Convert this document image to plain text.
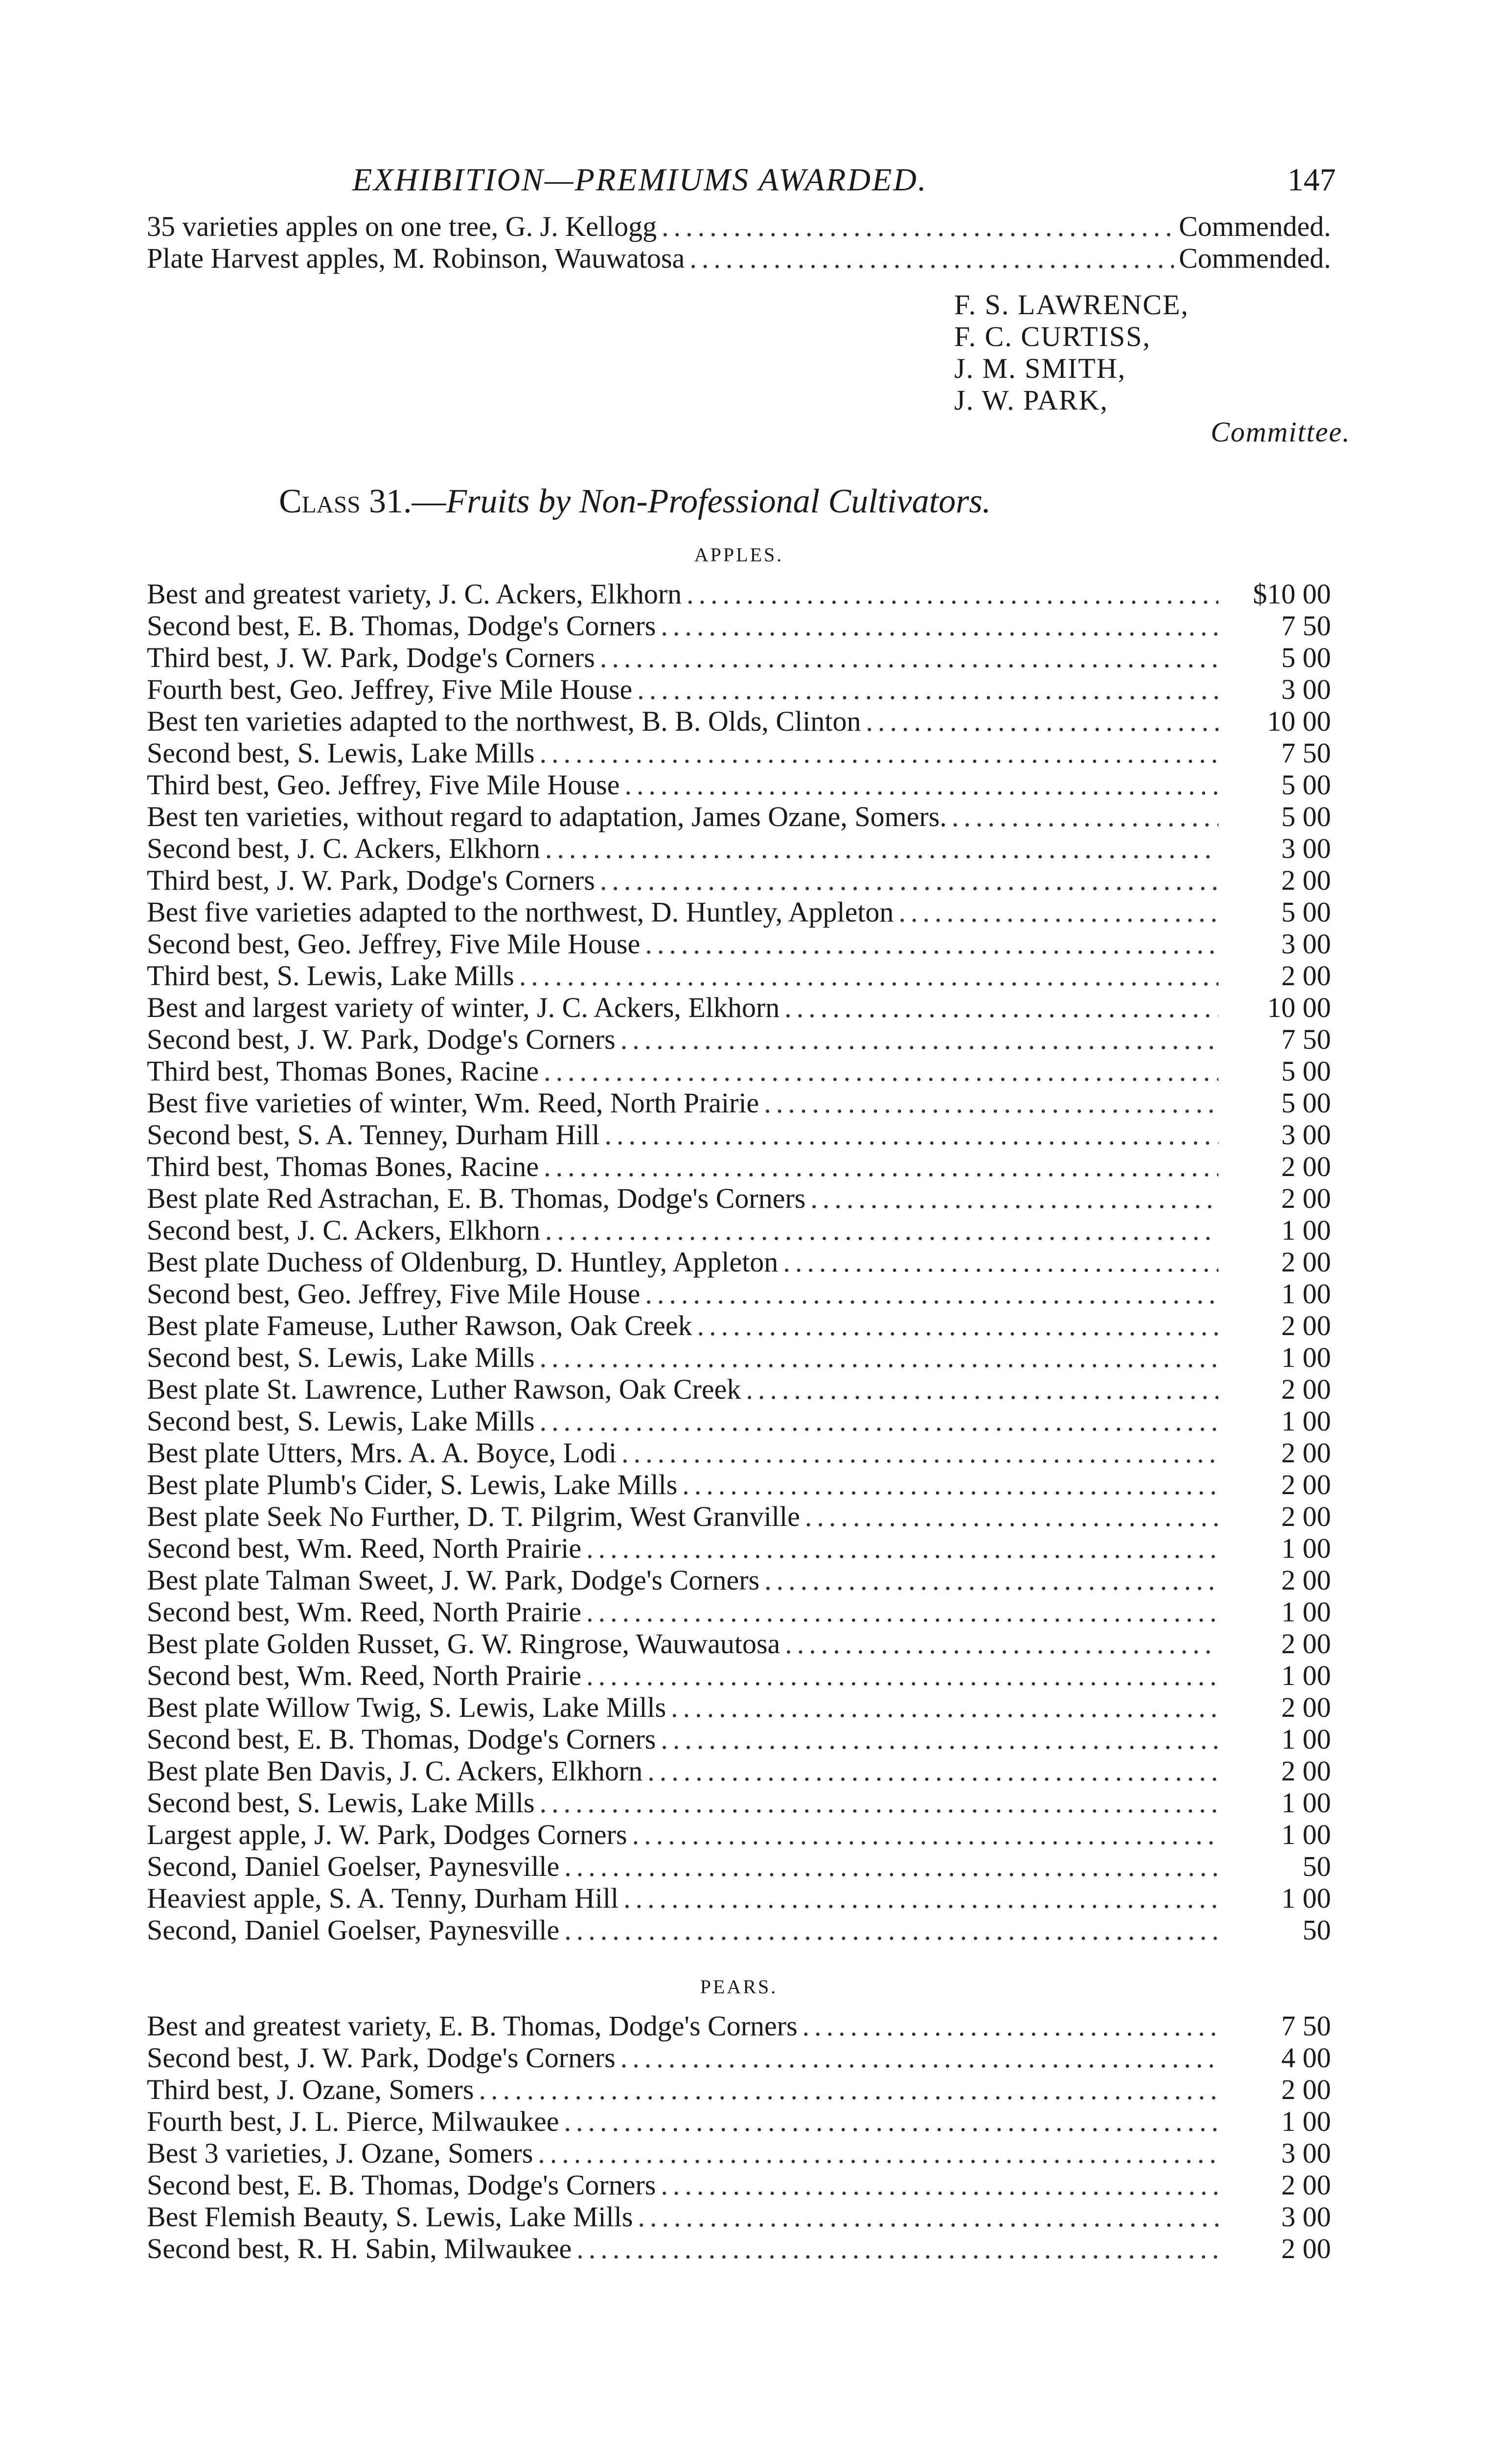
EXHIBITION—PREMIUMS AWARDED.	147
35 varieties apples on one tree, G. J. Kellogg .....	Commended.
Plate Harvest apples, M. Robinson, Wauwatosa .....	Commended.
F. S. LAWRENCE,
F. C. CURTISS,
J. M. SMITH,
J. W. PARK,
Committee.
Class 31.—Fruits by Non-Professional Cultivators.
APPLES.
Best and greatest variety, J. C. Ackers, Elkhorn .....	$10 00
Second best, E. B. Thomas, Dodge's Corners .....	7 50
Third best, J. W. Park, Dodge's Corners .....	5 00
Fourth best, Geo. Jeffrey, Five Mile House .....	3 00
Best ten varieties adapted to the northwest, B. B. Olds, Clinton .....	10 00
Second best, S. Lewis, Lake Mills .....	7 50
Third best, Geo. Jeffrey, Five Mile House .....	5 00
Best ten varieties, without regard to adaptation, James Ozane, Somers. .....	5 00
Second best, J. C. Ackers, Elkhorn .....	3 00
Third best, J. W. Park, Dodge's Corners .....	2 00
Best five varieties adapted to the northwest, D. Huntley, Appleton .....	5 00
Second best, Geo. Jeffrey, Five Mile House .....	3 00
Third best, S. Lewis, Lake Mills .....	2 00
Best and largest variety of winter, J. C. Ackers, Elkhorn .....	10 00
Second best, J. W. Park, Dodge's Corners .....	7 50
Third best, Thomas Bones, Racine .....	5 00
Best five varieties of winter, Wm. Reed, North Prairie .....	5 00
Second best, S. A. Tenney, Durham Hill .....	3 00
Third best, Thomas Bones, Racine .....	2 00
Best plate Red Astrachan, E. B. Thomas, Dodge's Corners .....	2 00
Second best, J. C. Ackers, Elkhorn .....	1 00
Best plate Duchess of Oldenburg, D. Huntley, Appleton .....	2 00
Second best, Geo. Jeffrey, Five Mile House .....	1 00
Best plate Fameuse, Luther Rawson, Oak Creek .....	2 00
Second best, S. Lewis, Lake Mills .....	1 00
Best plate St. Lawrence, Luther Rawson, Oak Creek .....	2 00
Second best, S. Lewis, Lake Mills .....	1 00
Best plate Utters, Mrs. A. A. Boyce, Lodi .....	2 00
Best plate Plumb's Cider, S. Lewis, Lake Mills .....	2 00
Best plate Seek No Further, D. T. Pilgrim, West Granville .....	2 00
Second best, Wm. Reed, North Prairie .....	1 00
Best plate Talman Sweet, J. W. Park, Dodge's Corners .....	2 00
Second best, Wm. Reed, North Prairie .....	1 00
Best plate Golden Russet, G. W. Ringrose, Wauwautosa .....	2 00
Second best, Wm. Reed, North Prairie .....	1 00
Best plate Willow Twig, S. Lewis, Lake Mills .....	2 00
Second best, E. B. Thomas, Dodge's Corners .....	1 00
Best plate Ben Davis, J. C. Ackers, Elkhorn .....	2 00
Second best, S. Lewis, Lake Mills .....	1 00
Largest apple, J. W. Park, Dodges Corners .....	1 00
Second, Daniel Goelser, Paynesville .....	50
Heaviest apple, S. A. Tenny, Durham Hill .....	1 00
Second, Daniel Goelser, Paynesville .....	50
PEARS.
Best and greatest variety, E. B. Thomas, Dodge's Corners .....	7 50
Second best, J. W. Park, Dodge's Corners .....	4 00
Third best, J. Ozane, Somers .....	2 00
Fourth best, J. L. Pierce, Milwaukee .....	1 00
Best 3 varieties, J. Ozane, Somers .....	3 00
Second best, E. B. Thomas, Dodge's Corners .....	2 00
Best Flemish Beauty, S. Lewis, Lake Mills .....	3 00
Second best, R. H. Sabin, Milwaukee .....	2 00
